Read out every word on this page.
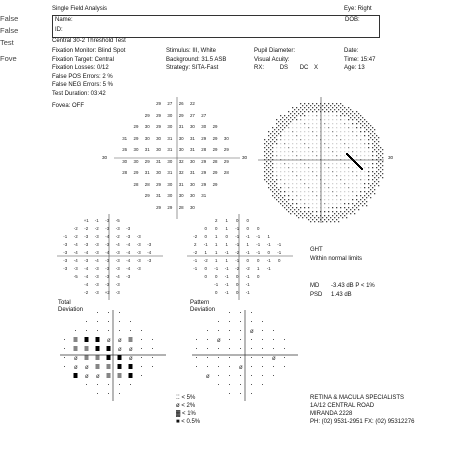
False
False
Test
Fove
Single Field Analysis	Eye: Right
Name:	DOB:
ID:
Central 30-2 Threshold Test
Fixation Monitor: Blind Spot
Fixation Target: Central
Fixation Losses: 0/12
False POS Errors: 2 %
False NEG Errors: 5 %
Test Duration: 03:42
Fovea: OFF
Stimulus: III, White
Background: 31.5 ASB
Strategy: SITA-Fast
Pupil Diameter:
Visual Acuity:
RX:	DS DC X
Date:
Time: 15:47
Age: 13
30	30
			29	27	26	22			
		29	29	30	29	27	27		
	29	30	29	30	31	30	30	29	
31	29	30	30	31	30	31	29	29	30
26	30	31	30	31	30	31	28	29	29
30	30	29	31	30	32	30	29	28	29
28	29	31	30	31	32	31	29	29	28
	28	28	29	30	31	30	29	29	
		29	31	30	30	30	31		
			29	29	28	30			
30
		+1	-1	-3	-5			
	-2	-2	-2	-3	-3	-3		
-1	-2	-3	-3	-4	-2	-3	-3	
-3	-4	-3	-3	-3	-4	-4	-3	-3
-3	-4	-4	-3	-4	-3	-4	-3	-4
-3	-4	-3	-4	-3	-3	-4	-3	-3
-3	-3	-4	-3	-3	-3	-4	-3	
	-5	-4	-3	-3	-4	-3		
		-4	-3	-3	-3			
		-2	-3	+2	-3			
		2	1	0	0			
	0	0	1	-1	0	0		
-2	0	1	0	-1	-1	-1	1	
2	-1	1	1	-1	1	-1	-1	-1
-2	1	1	-1	-2	-1	-1	0	-1
-1	-2	1	1	-1	0	0	-1	0
-1	0	-1	-1	-2	-2	1	-1	
	0	0	-1	0	-1	0		
		-1	-1	0	-1			
		0	-1	0	-1			
GHT
Within normal limits
MD -3.43 dB P < 1%
PSD 1.43 dB
Total
Deviation
Pattern
Deviation
ø ø
ø ø
ø	ø
ø ø
ø ø
ø
ø
ø
ø
ø
⁚⁚ < 5%
ø < 2%
▓ < 1%
■ < 0.5%
RETINA & MACULA SPECIALISTS
1A/12 CENTRAL ROAD
MIRANDA 2228
PH: (02) 9531-2951 FX: (02) 95312276
